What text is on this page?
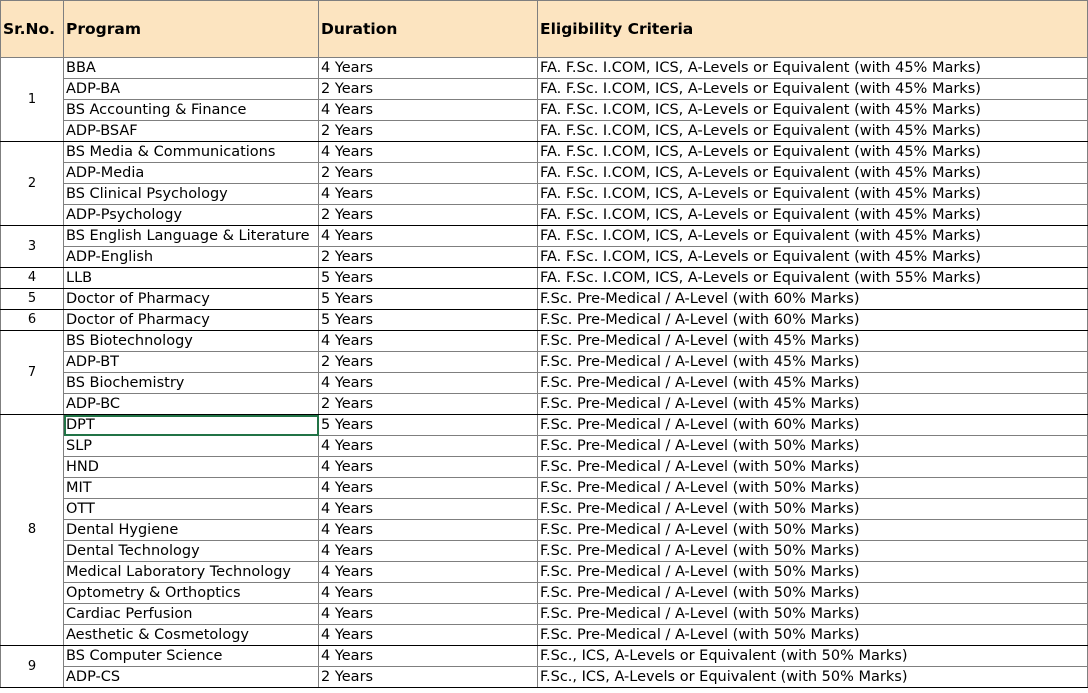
Sr.No.	Program	Duration	Eligibility Criteria
1	BBA	4 Years	FA. F.Sc. I.COM, ICS, A-Levels or Equivalent (with 45% Marks)
	ADP-BA	2 Years	FA. F.Sc. I.COM, ICS, A-Levels or Equivalent (with 45% Marks)
	BS Accounting & Finance	4 Years	FA. F.Sc. I.COM, ICS, A-Levels or Equivalent (with 45% Marks)
	ADP-BSAF	2 Years	FA. F.Sc. I.COM, ICS, A-Levels or Equivalent (with 45% Marks)
2	BS Media & Communications	4 Years	FA. F.Sc. I.COM, ICS, A-Levels or Equivalent (with 45% Marks)
	ADP-Media	2 Years	FA. F.Sc. I.COM, ICS, A-Levels or Equivalent (with 45% Marks)
	BS Clinical Psychology	4 Years	FA. F.Sc. I.COM, ICS, A-Levels or Equivalent (with 45% Marks)
	ADP-Psychology	2 Years	FA. F.Sc. I.COM, ICS, A-Levels or Equivalent (with 45% Marks)
3	BS English Language & Literature	4 Years	FA. F.Sc. I.COM, ICS, A-Levels or Equivalent (with 45% Marks)
	ADP-English	2 Years	FA. F.Sc. I.COM, ICS, A-Levels or Equivalent (with 45% Marks)
4	LLB	5 Years	FA. F.Sc. I.COM, ICS, A-Levels or Equivalent (with 55% Marks)
5	Doctor of Pharmacy	5 Years	F.Sc. Pre-Medical / A-Level (with 60% Marks)
6	Doctor of Pharmacy	5 Years	F.Sc. Pre-Medical / A-Level (with 60% Marks)
7	BS Biotechnology	4 Years	F.Sc. Pre-Medical / A-Level (with 45% Marks)
	ADP-BT	2 Years	F.Sc. Pre-Medical / A-Level (with 45% Marks)
	BS Biochemistry	4 Years	F.Sc. Pre-Medical / A-Level (with 45% Marks)
	ADP-BC	2 Years	F.Sc. Pre-Medical / A-Level (with 45% Marks)
8	DPT	5 Years	F.Sc. Pre-Medical / A-Level (with 60% Marks)
	SLP	4 Years	F.Sc. Pre-Medical / A-Level (with 50% Marks)
	HND	4 Years	F.Sc. Pre-Medical / A-Level (with 50% Marks)
	MIT	4 Years	F.Sc. Pre-Medical / A-Level (with 50% Marks)
	OTT	4 Years	F.Sc. Pre-Medical / A-Level (with 50% Marks)
	Dental Hygiene	4 Years	F.Sc. Pre-Medical / A-Level (with 50% Marks)
	Dental Technology	4 Years	F.Sc. Pre-Medical / A-Level (with 50% Marks)
	Medical Laboratory Technology	4 Years	F.Sc. Pre-Medical / A-Level (with 50% Marks)
	Optometry & Orthoptics	4 Years	F.Sc. Pre-Medical / A-Level (with 50% Marks)
	Cardiac Perfusion	4 Years	F.Sc. Pre-Medical / A-Level (with 50% Marks)
	Aesthetic & Cosmetology	4 Years	F.Sc. Pre-Medical / A-Level (with 50% Marks)
9	BS Computer Science	4 Years	F.Sc., ICS, A-Levels or Equivalent (with 50% Marks)
	ADP-CS	2 Years	F.Sc., ICS, A-Levels or Equivalent (with 50% Marks)
